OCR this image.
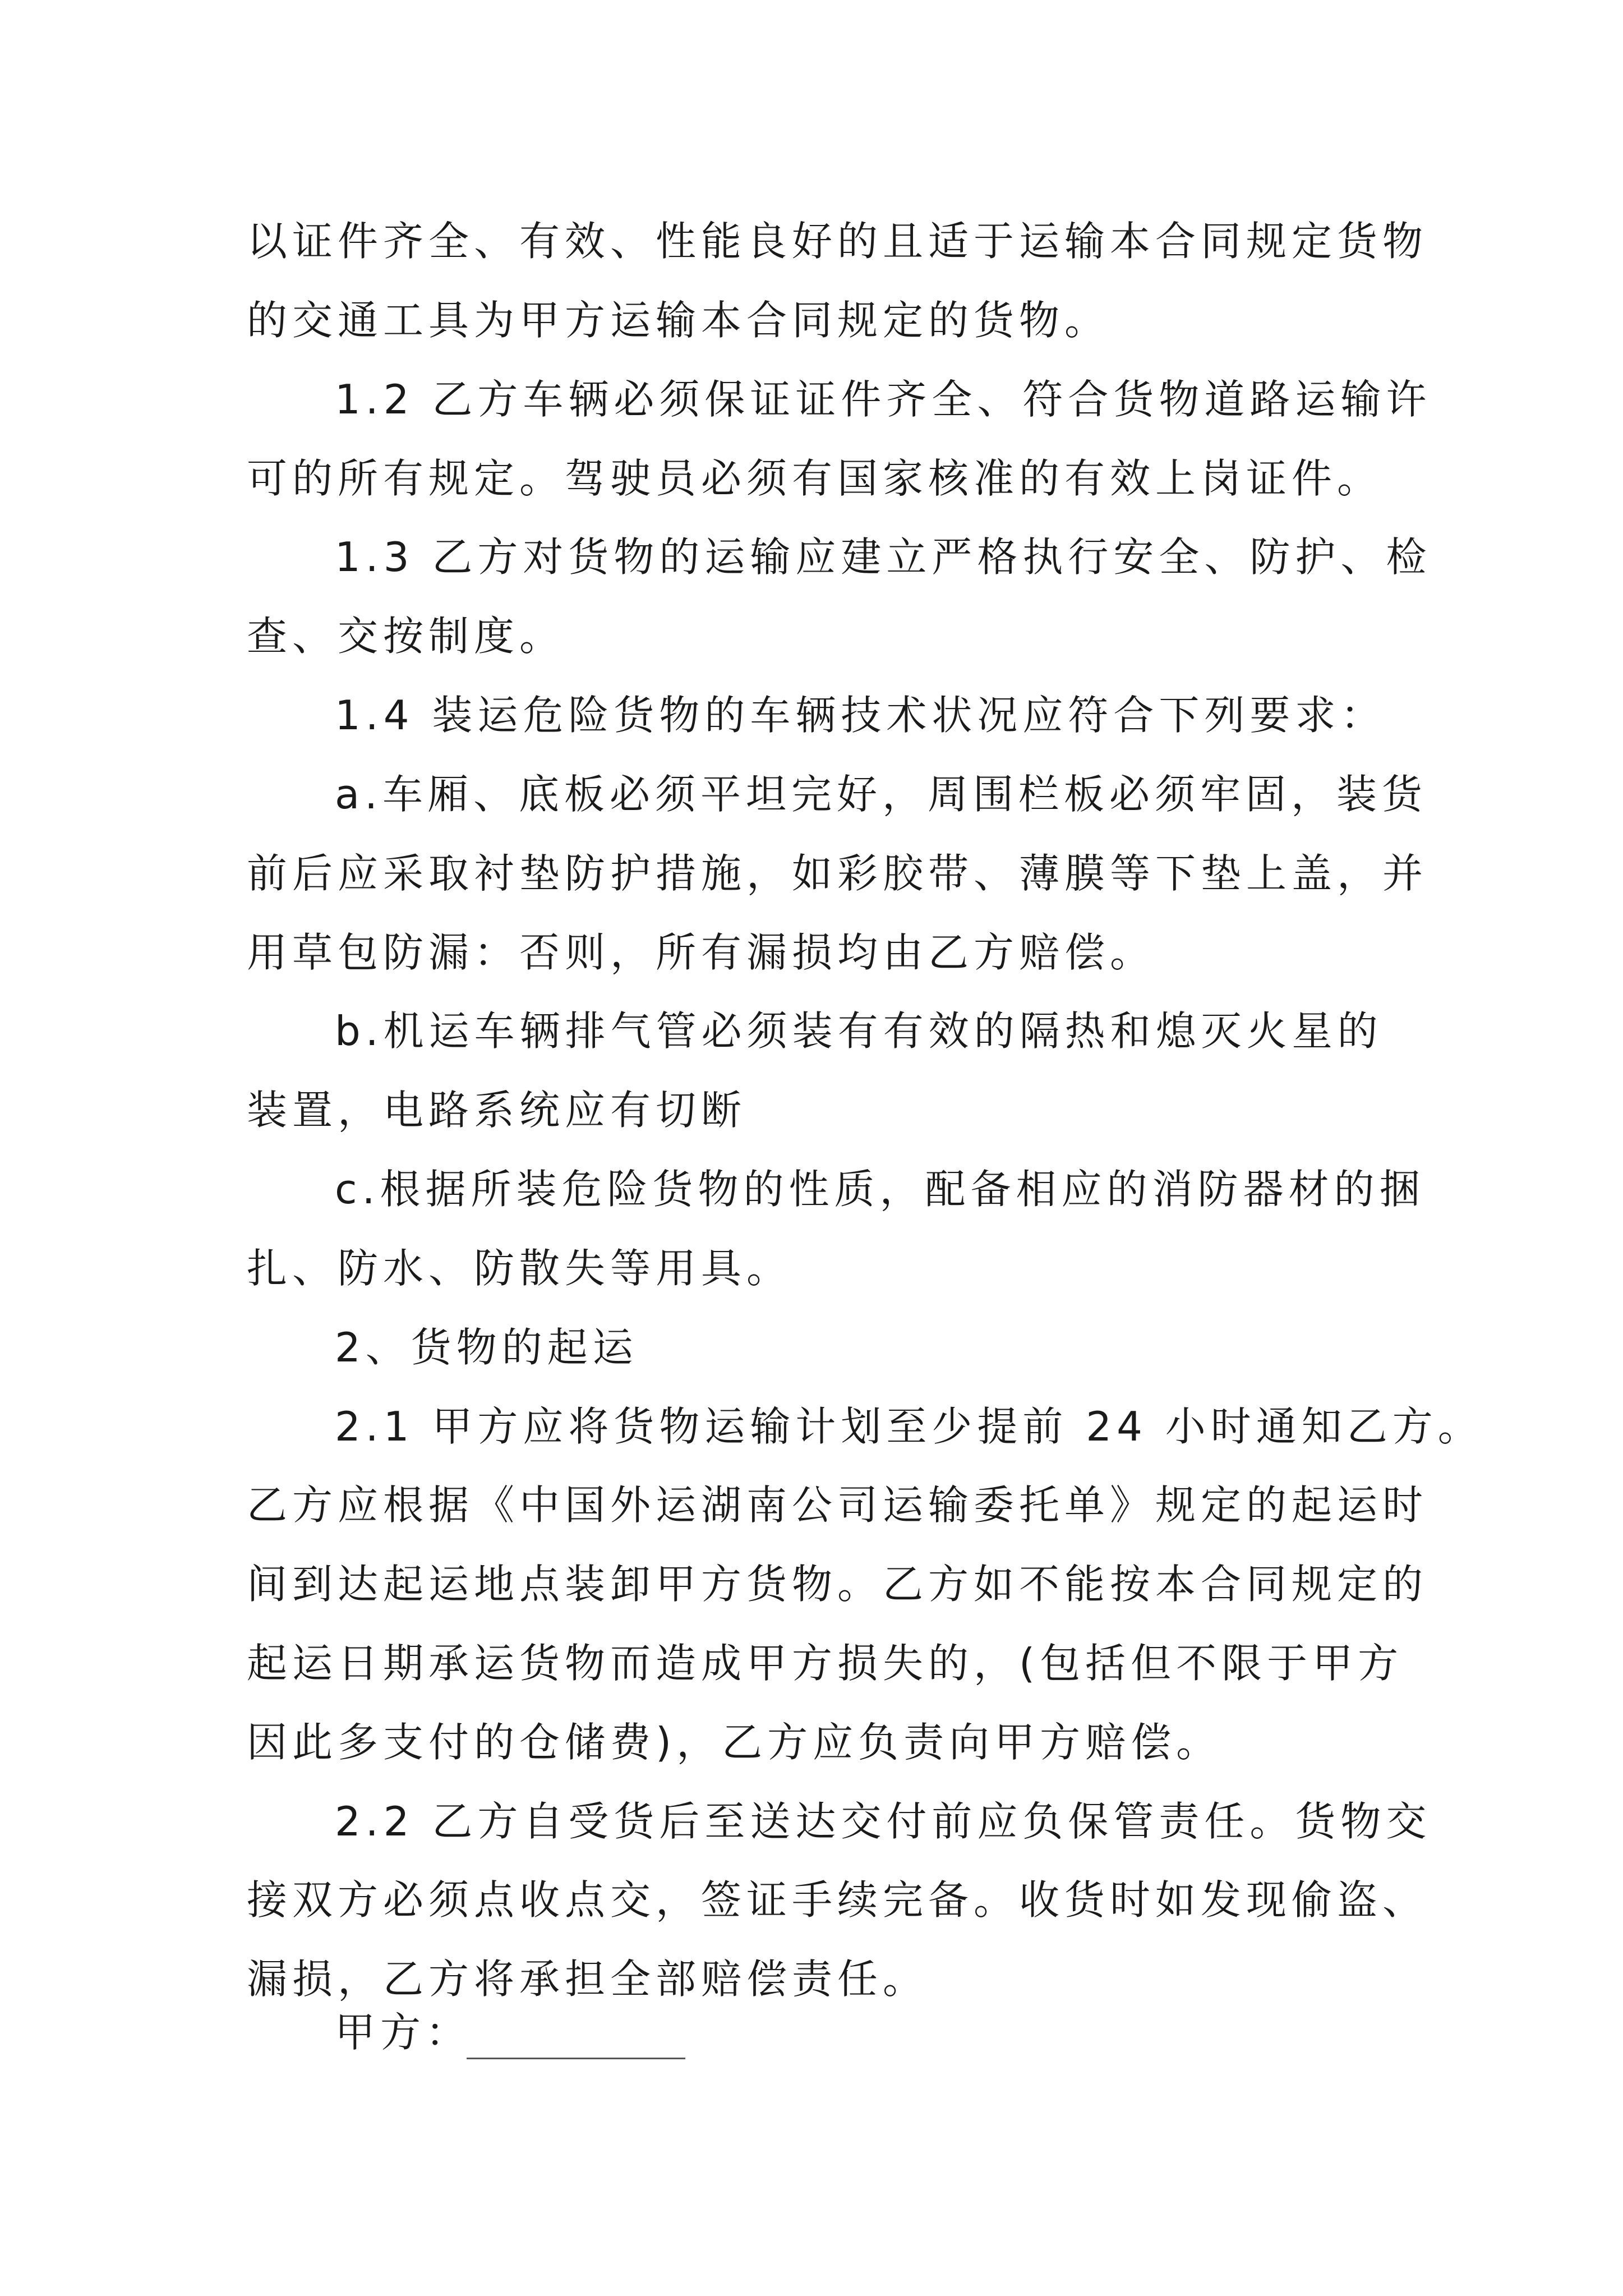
以证件齐全、有效、性能良好的且适于运输本合同规定货物
的交通工具为甲方运输本合同规定的货物。
1.2 乙方车辆必须保证证件齐全、符合货物道路运输许
可的所有规定。驾驶员必须有国家核准的有效上岗证件。
1.3 乙方对货物的运输应建立严格执行安全、防护、检
查、交按制度。
1.4 装运危险货物的车辆技术状况应符合下列要求：
a.车厢、底板必须平坦完好，周围栏板必须牢固，装货
前后应采取衬垫防护措施，如彩胶带、薄膜等下垫上盖，并
用草包防漏：否则，所有漏损均由乙方赔偿。
b.机运车辆排气管必须装有有效的隔热和熄灭火星的
装置，电路系统应有切断
c.根据所装危险货物的性质，配备相应的消防器材的捆
扎、防水、防散失等用具。
2、货物的起运
2.1 甲方应将货物运输计划至少提前 24 小时通知乙方。
乙方应根据《中国外运湖南公司运输委托单》规定的起运时
间到达起运地点装卸甲方货物。乙方如不能按本合同规定的
起运日期承运货物而造成甲方损失的，(包括但不限于甲方
因此多支付的仓储费)，乙方应负责向甲方赔偿。
2.2 乙方自受货后至送达交付前应负保管责任。货物交
接双方必须点收点交，签证手续完备。收货时如发现偷盗、
漏损，乙方将承担全部赔偿责任。
甲方：
